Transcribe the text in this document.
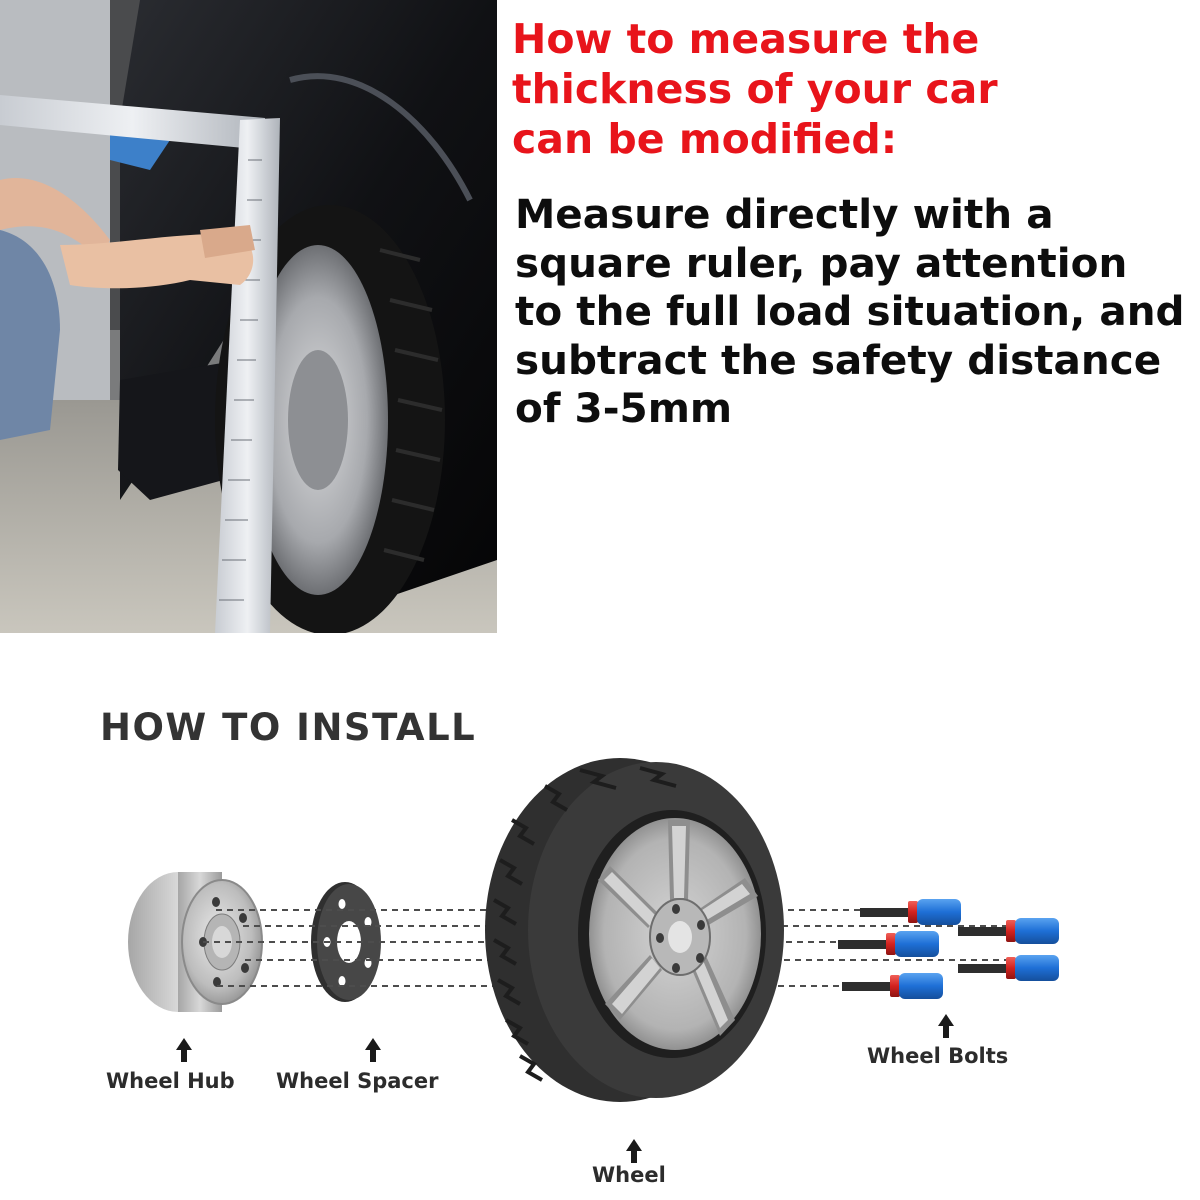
How to measure the
thickness of your car
can be modified:

Measure directly with a
square ruler, pay attention
to the full load situation, and
subtract the safety distance
of 3-5mm

HOW TO INSTALL
Wheel Hub Wheel Spacer
Wheel Bolts
Wheel
